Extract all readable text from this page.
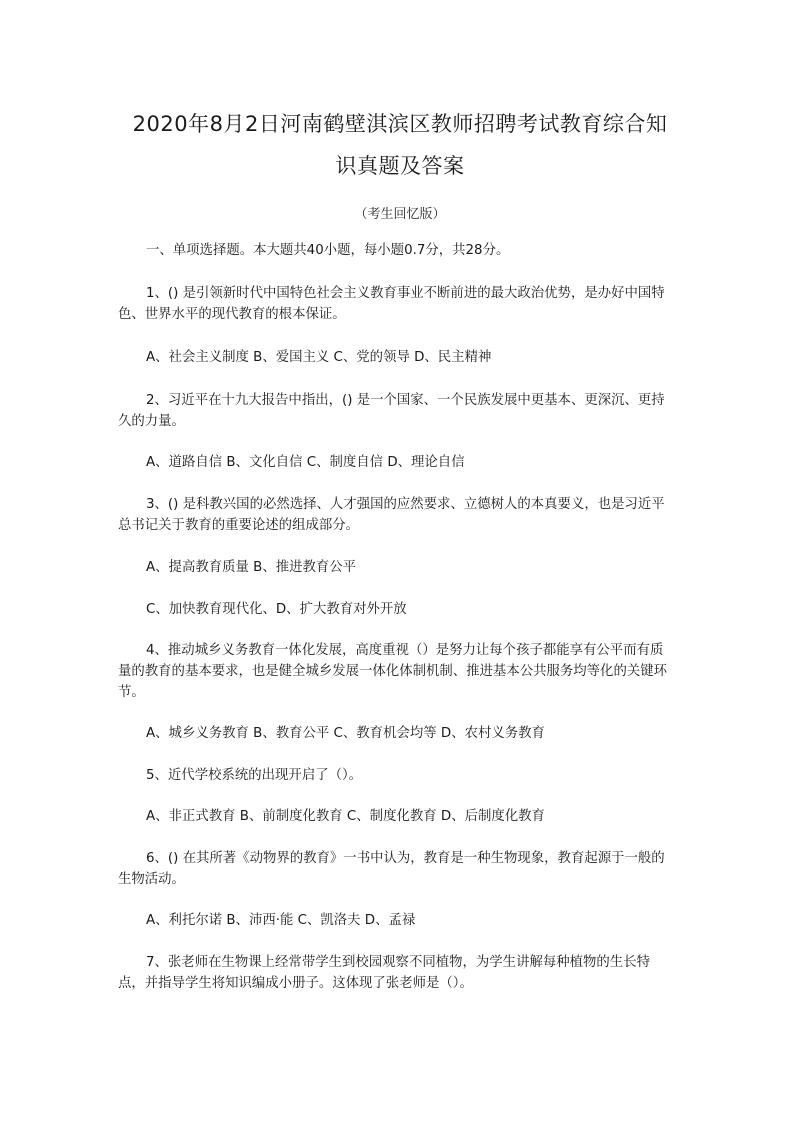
2020年8月2日河南鹤壁淇滨区教师招聘考试教育综合知
识真题及答案
（考生回忆版）

一、单项选择题。本大题共40小题，每小题0.7分，共28分。

1、() 是引领新时代中国特色社会主义教育事业不断前进的最大政治优势，是办好中国特色、世界水平的现代教育的根本保证。

A、社会主义制度 B、爱国主义 C、党的领导 D、民主精神

2、习近平在十九大报告中指出，() 是一个国家、一个民族发展中更基本、更深沉、更持久的力量。

A、道路自信 B、文化自信 C、制度自信 D、理论自信

3、() 是科教兴国的必然选择、人才强国的应然要求、立德树人的本真要义，也是习近平总书记关于教育的重要论述的组成部分。

A、提高教育质量 B、推进教育公平

C、加快教育现代化、D、扩大教育对外开放

4、推动城乡义务教育一体化发展，高度重视（）是努力让每个孩子都能享有公平而有质量的教育的基本要求，也是健全城乡发展一体化体制机制、推进基本公共服务均等化的关键环节。

A、城乡义务教育 B、教育公平 C、教育机会均等 D、农村义务教育

5、近代学校系统的出现开启了（）。

A、非正式教育 B、前制度化教育 C、制度化教育 D、后制度化教育

6、() 在其所著《动物界的教育》一书中认为，教育是一种生物现象，教育起源于一般的生物活动。

A、利托尔诺 B、沛西·能 C、凯洛夫 D、孟禄

7、张老师在生物课上经常带学生到校园观察不同植物，为学生讲解每种植物的生长特点，并指导学生将知识编成小册子。这体现了张老师是（）。
